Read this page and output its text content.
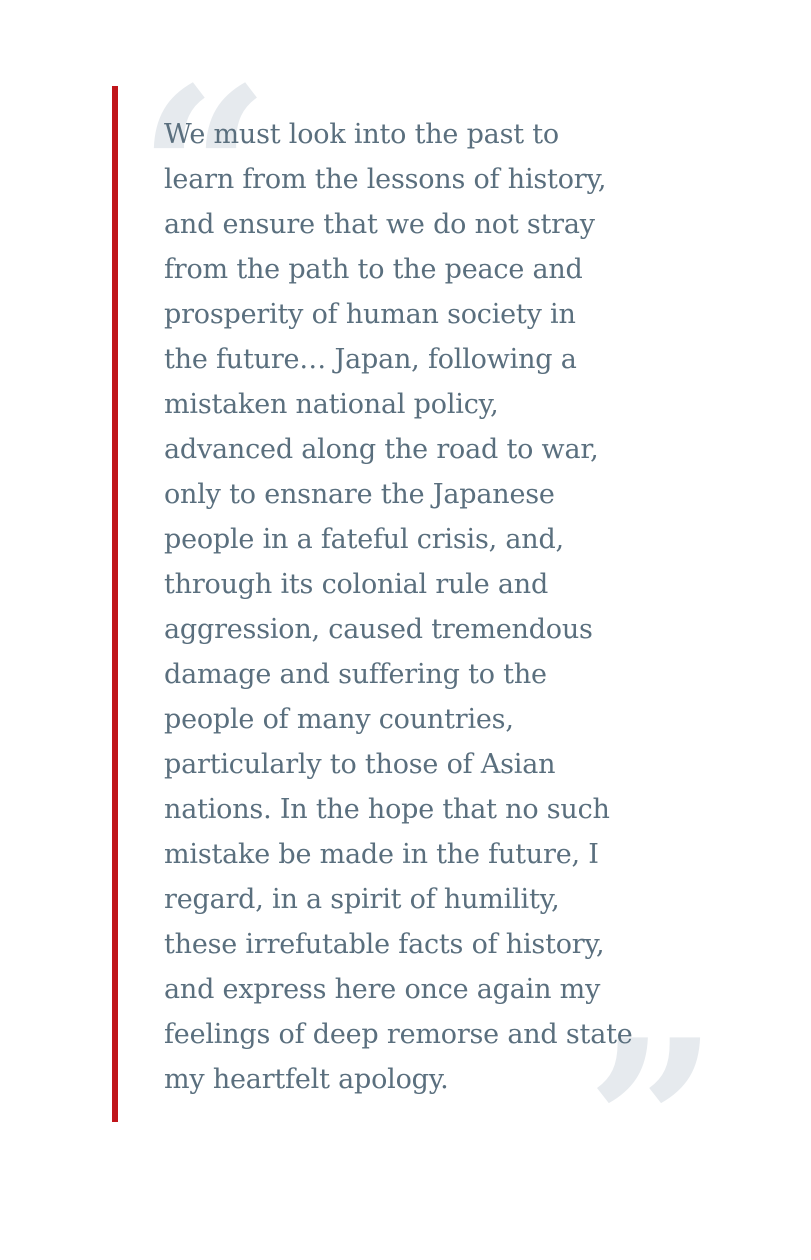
“
”

We must look into the past to
learn from the lessons of history,
and ensure that we do not stray
from the path to the peace and
prosperity of human society in
the future… Japan, following a
mistaken national policy,
advanced along the road to war,
only to ensnare the Japanese
people in a fateful crisis, and,
through its colonial rule and
aggression, caused tremendous
damage and suffering to the
people of many countries,
particularly to those of Asian
nations. In the hope that no such
mistake be made in the future, I
regard, in a spirit of humility,
these irrefutable facts of history,
and express here once again my
feelings of deep remorse and state
my heartfelt apology.
